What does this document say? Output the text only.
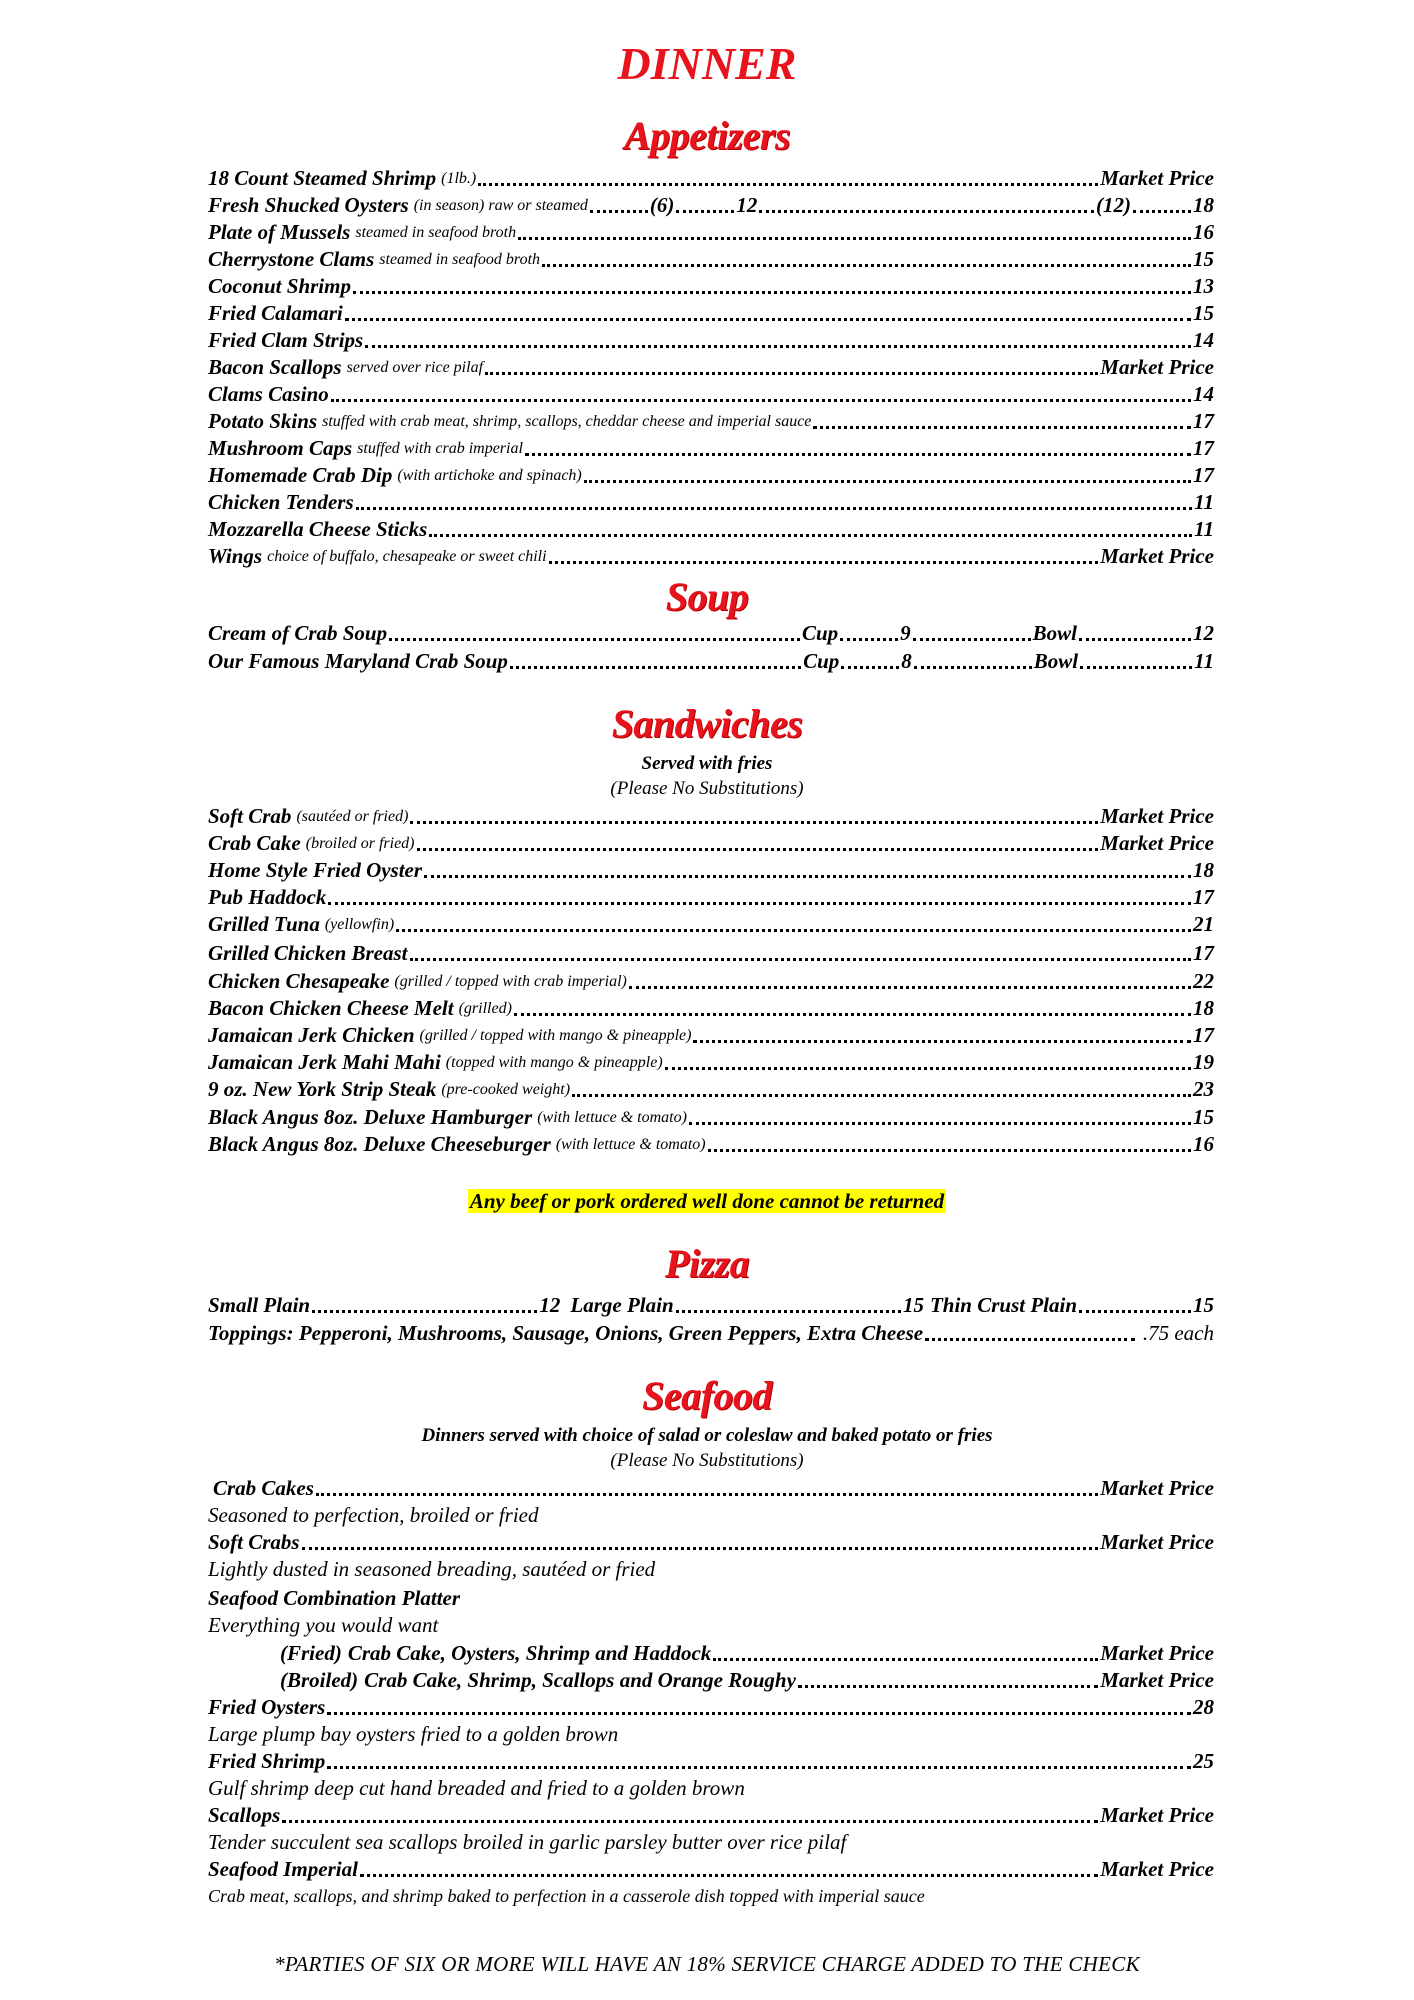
DINNER
Appetizers
18 Count Steamed Shrimp (1lb.)	Market Price
Fresh Shucked Oysters (in season) raw or steamed	(6)	12	(12)	18
Plate of Mussels steamed in seafood broth	16
Cherrystone Clams steamed in seafood broth	15
Coconut Shrimp	13
Fried Calamari	15
Fried Clam Strips	14
Bacon Scallops served over rice pilaf	Market Price
Clams Casino	14
Potato Skins stuffed with crab meat, shrimp, scallops, cheddar cheese and imperial sauce	17
Mushroom Caps stuffed with crab imperial	17
Homemade Crab Dip (with artichoke and spinach)	17
Chicken Tenders	11
Mozzarella Cheese Sticks	11
Wings choice of buffalo, chesapeake or sweet chili	Market Price
Soup
Cream of Crab Soup	Cup	9	Bowl	12
Our Famous Maryland Crab Soup	Cup	8	Bowl	11
Sandwiches
Served with fries
(Please No Substitutions)
Soft Crab (sautéed or fried)	Market Price
Crab Cake (broiled or fried)	Market Price
Home Style Fried Oyster	18
Pub Haddock	17
Grilled Tuna (yellowfin)	21
Grilled Chicken Breast	17
Chicken Chesapeake (grilled / topped with crab imperial)	22
Bacon Chicken Cheese Melt (grilled)	18
Jamaican Jerk Chicken (grilled / topped with mango & pineapple)	17
Jamaican Jerk Mahi Mahi (topped with mango & pineapple)	19
9 oz. New York Strip Steak (pre-cooked weight)	23
Black Angus 8oz. Deluxe Hamburger (with lettuce & tomato)	15
Black Angus 8oz. Deluxe Cheeseburger (with lettuce & tomato)	16
Any beef or pork ordered well done cannot be returned
Pizza
Small Plain	12 Large Plain	15 Thin Crust Plain	15
Toppings: Pepperoni, Mushrooms, Sausage, Onions, Green Peppers, Extra Cheese	.75 each
Seafood
Dinners served with choice of salad or coleslaw and baked potato or fries
(Please No Substitutions)
Crab Cakes	Market Price
Seasoned to perfection, broiled or fried
Soft Crabs	Market Price
Lightly dusted in seasoned breading, sautéed or fried
Seafood Combination Platter
Everything you would want
(Fried) Crab Cake, Oysters, Shrimp and Haddock	Market Price
(Broiled) Crab Cake, Shrimp, Scallops and Orange Roughy	Market Price
Fried Oysters	28
Large plump bay oysters fried to a golden brown
Fried Shrimp	25
Gulf shrimp deep cut hand breaded and fried to a golden brown
Scallops	Market Price
Tender succulent sea scallops broiled in garlic parsley butter over rice pilaf
Seafood Imperial	Market Price
Crab meat, scallops, and shrimp baked to perfection in a casserole dish topped with imperial sauce
*PARTIES OF SIX OR MORE WILL HAVE AN 18% SERVICE CHARGE ADDED TO THE CHECK
